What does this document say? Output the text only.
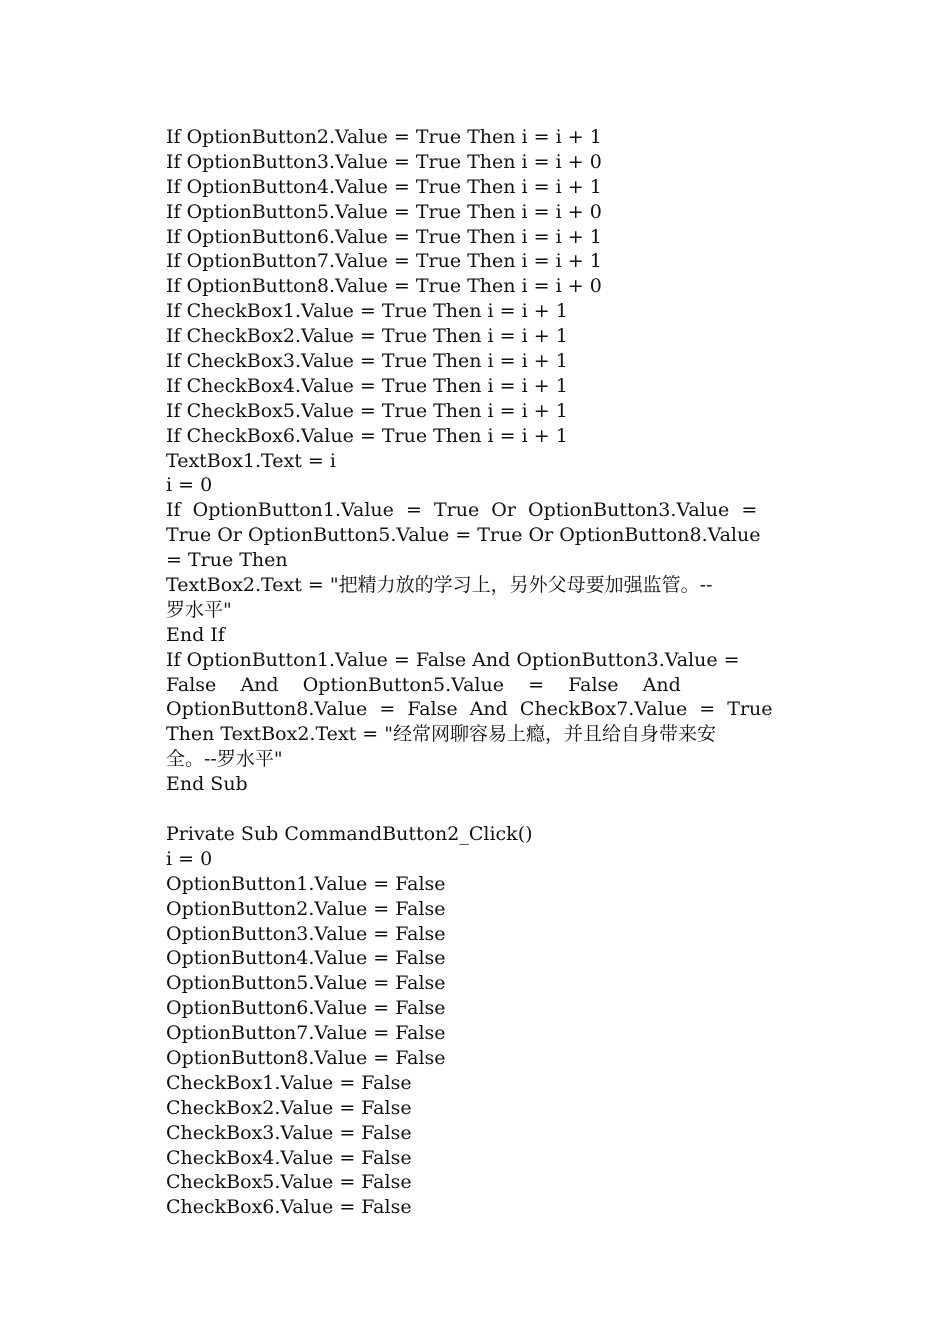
If OptionButton2.Value = True Then i = i + 1
If OptionButton3.Value = True Then i = i + 0
If OptionButton4.Value = True Then i = i + 1
If OptionButton5.Value = True Then i = i + 0
If OptionButton6.Value = True Then i = i + 1
If OptionButton7.Value = True Then i = i + 1
If OptionButton8.Value = True Then i = i + 0
If CheckBox1.Value = True Then i = i + 1
If CheckBox2.Value = True Then i = i + 1
If CheckBox3.Value = True Then i = i + 1
If CheckBox4.Value = True Then i = i + 1
If CheckBox5.Value = True Then i = i + 1
If CheckBox6.Value = True Then i = i + 1
TextBox1.Text = i
i = 0
If  OptionButton1.Value  =  True  Or  OptionButton3.Value  =
True Or OptionButton5.Value = True Or OptionButton8.Value
= True Then
TextBox2.Text = "把精力放的学习上，另外父母要加强监管。--
罗水平"
End If
If OptionButton1.Value = False And OptionButton3.Value =
False    And    OptionButton5.Value    =    False    And
OptionButton8.Value  =  False  And  CheckBox7.Value  =  True
Then TextBox2.Text = "经常网聊容易上瘾，并且给自身带来安
全。--罗水平"
End Sub
Private Sub CommandButton2_Click()
i = 0
OptionButton1.Value = False
OptionButton2.Value = False
OptionButton3.Value = False
OptionButton4.Value = False
OptionButton5.Value = False
OptionButton6.Value = False
OptionButton7.Value = False
OptionButton8.Value = False
CheckBox1.Value = False
CheckBox2.Value = False
CheckBox3.Value = False
CheckBox4.Value = False
CheckBox5.Value = False
CheckBox6.Value = False
